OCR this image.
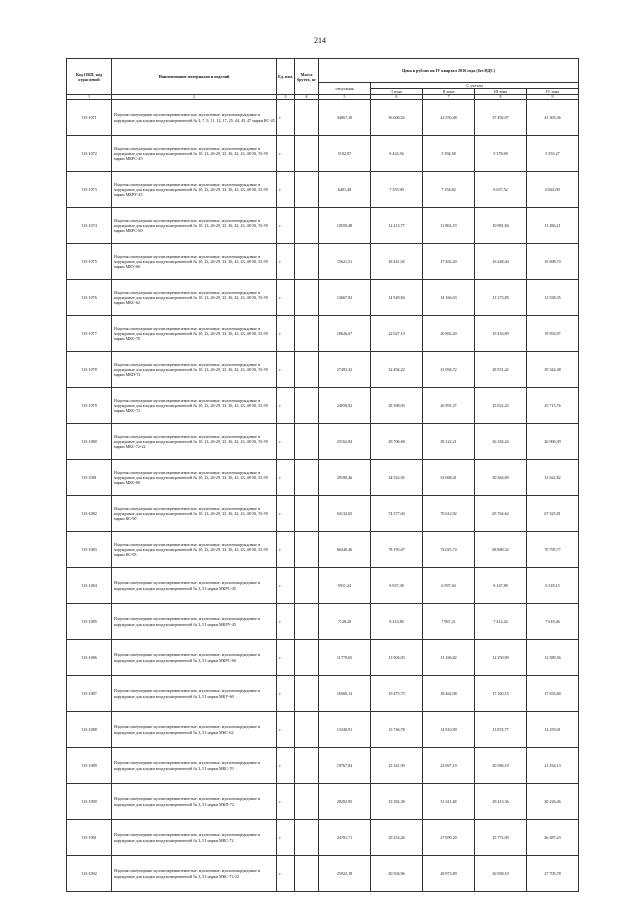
214
Код ОКП, код отраслевой	Наименование материалов и изделий	Ед. изм.	Масса брутто, кг	Цена в рублях на IV квартал 2016 года (без НДС)				
				отпускная	С учетом			
					I зона	II зона	III зона	IV зона
1	2	3	4	5	6	7	8	9
115-1071	Изделия огнеупорные муллитокремнеземистые, муллитовые, муллитокорундовые и корундовые для кладки воздухонагревателей № 4, 7, 9, 11, 12, 17, 25, 44, 45, 47 марки КС-45	т		34067,10	36 606,52	22 550,48	37 492,07	41 303,36
115-1072	Изделия огнеупорные муллитокремнеземистые, муллитовые, муллитокорундовые и корундовые для кладки воздухонагревателей № 10, 23, 26-29, 33, 36, 42, 43, 48-50, 55-59 марки МКРС-45	т		5102,97	6 424,56	5 394,58	5 378,69	5 553,27
115-1073	Изделия огнеупорные муллитокремнеземистые, муллитовые, муллитокорундовые и корундовые для кладки воздухонагревателей № 10, 23, 26-29, 33, 36, 42, 43, 48-50, 55-59 марки МКРУ-45	т		6401,48	7 355,90	7 354,82	6 657,52	6 842,00
115-1074	Изделия огнеупорные муллитокремнеземистые, муллитовые, муллитокорундовые и корундовые для кладки воздухонагревателей № 10, 23, 26-29, 33, 36, 42, 43, 48-50, 55-59 марки МКРС-60	т		10559,48	12 413,77	11 802,19	10 981,84	11 286,21
115-1075	Изделия огнеупорные муллитокремнеземистые, муллитовые, муллитокорундовые и корундовые для кладки воздухонагревателей № 10, 23, 26-29, 33, 36, 42, 43, 48-50, 55-59 марки МКУ-60	т		15621,51	18 441,02	17 462,20	16 248,40	16 698,74
115-1076	Изделия огнеупорные муллитокремнеземистые, муллитовые, муллитокорундовые и корундовые для кладки воздухонагревателей № 10, 23, 26-29, 33, 36, 42, 43, 48-50, 55-59 марки МКС-62	т		12667,92	14 928,84	14 166,03	13 173,85	13 538,35
115-1077	Изделия огнеупорные муллитокремнеземистые, муллитовые, муллитокорундовые и корундовые для кладки воздухонагревателей № 10, 23, 26-29, 33, 36, 42, 43, 48-50, 55-59 марки МКС-70	т		18626,67	22 027,10	20 862,20	19 416,89	19 954,97
115-1078	Изделия огнеупорные муллитокремнеземистые, муллитовые, муллитокорундовые и корундовые для кладки воздухонагревателей № 10, 23, 26-29, 33, 36, 42, 43, 48-50, 55-59 марки МКП-72	т		27493,32	32 494,22	31 094,72	28 551,42	29 342,48
115-1079	Изделия огнеупорные муллитокремнеземистые, муллитовые, муллитокорундовые и корундовые для кладки воздухонагревателей № 10, 23, 26-29, 33, 36, 42, 43, 48-50, 55-59 марки МКС-72	т		24059,92	28 398,03	26 991,37	25 022,23	25 715,76
115-1080	Изделия огнеупорные муллитокремнеземистые, муллитовые, муллитокорундовые и корундовые для кладки воздухонагревателей № 10, 23, 26-29, 33, 36, 42, 43, 48-50, 55-59 марки МКС-72-22	т		25162,84	29 706,68	28 124,21	26 182,24	26 906,39
115-1081	Изделия огнеупорные муллитокремнеземистые, муллитовые, муллитокорундовые и корундовые для кладки воздухонагревателей № 10, 23, 26-29, 33, 36, 42, 43, 48-50, 55-59 марки МКС-80	т		29180,46	34 522,92	33 068,41	30 363,69	31 622,82
115-1082	Изделия огнеупорные муллитокремнеземистые, муллитовые, муллитокорундовые и корундовые для кладки воздухонагревателей № 10, 23, 26-29, 33, 36, 42, 43, 48-50, 55-59 марки КС-90	т		63132,65	74 577,04	70 612,92	65 764,62	67 525,81
115-1083	Изделия огнеупорные муллитокремнеземистые, муллитовые, муллитокорундовые и корундовые для кладки воздухонагревателей № 10, 23, 26-29, 33, 36, 42, 43, 48-50, 55-59 марки КС-95	т		66240,46	78 195,67	74 025,74	68 880,32	70 795,77
115-1084	Изделия огнеупорные муллитокремнеземистые, муллитовые, муллитокорундовые и корундовые для кладки воздухонагревателей № 3, 51 марки МКРС-45	т		5911,24	6 937,38	6 597,04	6 147,89	6 318,15
115-1085	Изделия огнеупорные муллитокремнеземистые, муллитовые, муллитокорундовые и корундовые для кладки воздухонагревателей № 3, 51 марки МКРУ-45	т		7128,20	8 423,80	7 967,21	7 412,43	7 618,46
115-1086	Изделия огнеупорные муллитокремнеземистые, муллитовые, муллитокорундовые и корундовые для кладки воздухонагревателей № 3, 51 марки МКРС-60	т		11779,65	13 904,03	13 166,82	12 250,99	12 589,56
115-1087	Изделия огнеупорные муллитокремнеземистые, муллитовые, муллитокорундовые и корундовые для кладки воздухонагревателей № 3, 51 марки МКУ-60	т		16560,13	19 475,75	18 462,08	17 160,15	17 635,68
115-1088	Изделия огнеупорные муллитокремнеземистые, муллитовые, муллитокорундовые и корундовые для кладки воздухонагревателей № 3, 51 марки МКС-62	т		13340,91	15 746,78	14 910,99	13 874,77	14 259,01
115-1089	Изделия огнеупорные муллитокремнеземистые, муллитовые, муллитокорундовые и корундовые для кладки воздухонагревателей № 3, 51 марки МКС-70	т		19767,84	23 341,99	22 097,19	20 586,19	21 164,13
115-1090	Изделия огнеупорные муллитокремнеземистые, муллитовые, муллитокорундовые и корундовые для кладки воздухонагревателей № 3, 51 марки МКП-72	т		28282,95	33 382,38	31 611,48	29 413,36	30 226,46
115-1091	Изделия огнеупорные муллитокремнеземистые, муллитовые, муллитокорундовые и корундовые для кладки воздухонагревателей № 3, 51 марки МКС-72	т		24781,71	29 254,26	27 699,20	25 772,09	26 487,23
115-1092	Изделия огнеупорные муллитокремнеземистые, муллитовые, муллитокорундовые и корундовые для кладки воздухонагревателей № 3, 51 марки МКС-72-22	т		25922,18	30 594,96	28 973,89	26 958,19	27 705,78
